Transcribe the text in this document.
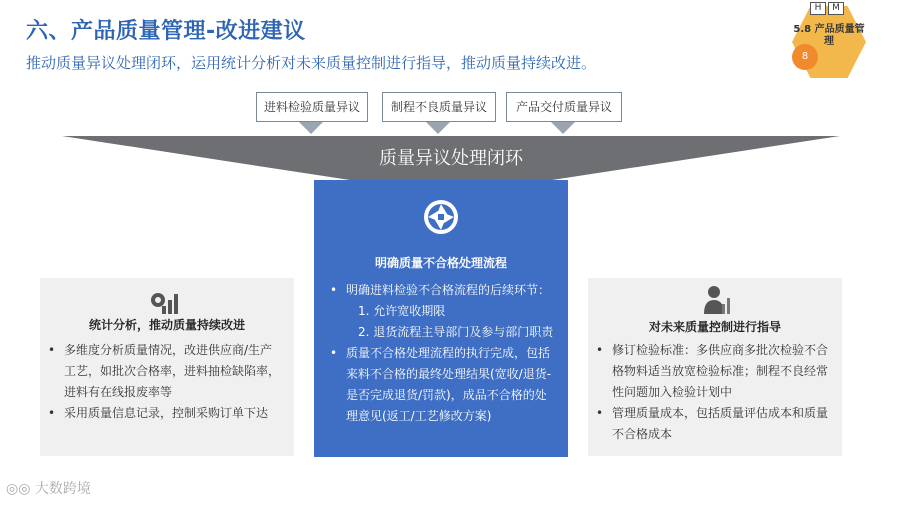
六、产品质量管理-改进建议
推动质量异议处理闭环，运用统计分析对未来质量控制进行指导，推动质量持续改进。
H	M
5.8 产品质量管理
8
进料检验质量异议	制程不良质量异议	产品交付质量异议
质量异议处理闭环
统计分析，推动质量持续改进
• 多维度分析质量情况，改进供应商/生产工艺，如批次合格率，进料抽检缺陷率，进料有在线报废率等
• 采用质量信息记录，控制采购订单下达
明确质量不合格处理流程
• 明确进料检验不合格流程的后续环节：
1. 允许宽收期限
2. 退货流程主导部门及参与部门职责
• 质量不合格处理流程的执行完成，包括来料不合格的最终处理结果(宽收/退货-是否完成退货/罚款)，成品不合格的处理意见(返工/工艺修改方案)
对未来质量控制进行指导
• 修订检验标准：多供应商多批次检验不合格物料适当放宽检验标准；制程不良经常性问题加入检验计划中
• 管理质量成本，包括质量评估成本和质量不合格成本
◎◎ 大数跨境
